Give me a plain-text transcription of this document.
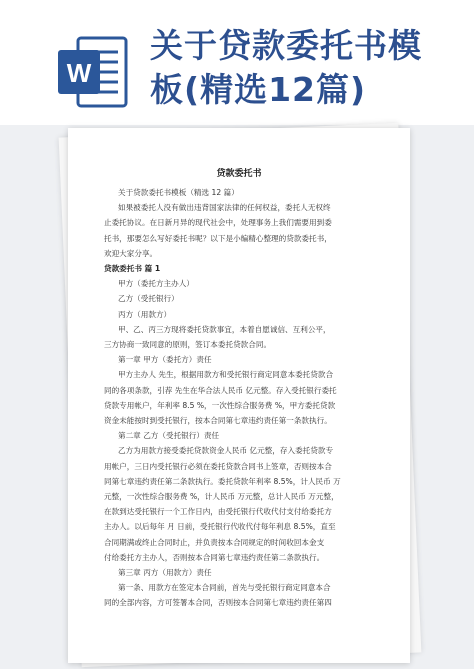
W
关于贷款委托书模
板(精选12篇)
贷款委托书
关于贷款委托书模板（精选 12 篇）
如果被委托人没有做出违背国家法律的任何权益，委托人无权终
止委托协议。在日新月异的现代社会中，处理事务上我们需要用到委
托书，那要怎么写好委托书呢？以下是小编精心整理的贷款委托书，
欢迎大家分享。
贷款委托书 篇 1
甲方（委托方主办人）
乙方（受托银行）
丙方（用款方）
甲、乙、丙三方现将委托贷款事宜，本着自愿诚信、互利公平，
三方协商一致同意的原则，签订本委托贷款合同。
第一章 甲方（委托方）责任
甲方主办人 先生，根据用款方和受托银行商定同意本委托贷款合
同的各项条款，引荐 先生在华合法人民币 亿元整。存入受托银行委托
贷款专用帐户，年利率 8.5 %，一次性综合服务费 %，甲方委托贷款
资金未能按时到受托银行，按本合同第七章违约责任第一条款执行。
第二章 乙方（受托银行）责任
乙方为用款方接受委托贷款资金人民币 亿元整，存入委托贷款专
用帐户，三日内受托银行必须在委托贷款合同书上签章，否则按本合
同第七章违约责任第二条款执行。委托贷款年利率 8.5%，计人民币 万
元整，一次性综合服务费 %，计人民币 万元整，总计人民币 万元整，
在款到达受托银行一个工作日内，由受托银行代收代付支付给委托方
主办人。以后每年 月 日前，受托银行代收代付每年利息 8.5%，直至
合同期满或终止合同时止，并负责按本合同规定的时间收回本金支
付给委托方主办人，否则按本合同第七章违约责任第二条款执行。
第三章 丙方（用款方）责任
第一条、用款方在签定本合同前，首先与受托银行商定同意本合
同的全部内容，方可签署本合同，否则按本合同第七章违约责任第四
